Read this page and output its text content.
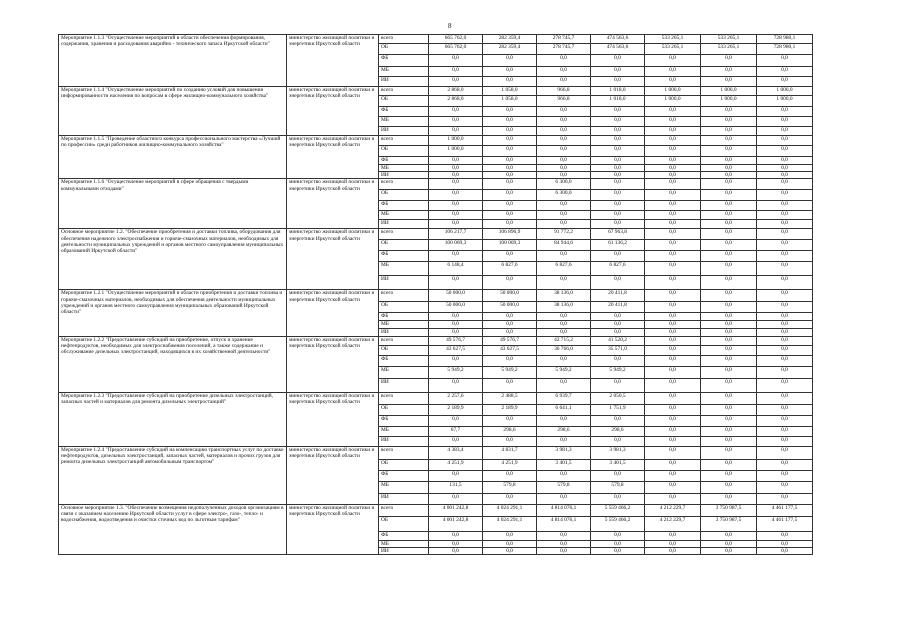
8
Мероприятие 1.1.3 "Осуществление мероприятий в области обеспечения формирования, содержания, хранения и расходования аварийно - технического запаса Иркутской области"	министерство жилищной политики и энергетики Иркутской области	всего	665 762,0	282 359,4	278 745,7	474 563,6	533 265,1	533 265,1	728 980,1
		ОБ	665 762,0	282 359,4	278 745,7	474 563,6	533 265,1	533 265,1	728 980,1
		ФБ	0,0	0,0	0,0	0,0	0,0	0,0	0,0
		МБ	0,0	0,0	0,0	0,0	0,0	0,0	0,0
		ИИ	0,0	0,0	0,0	0,0	0,0	0,0	0,0
Мероприятие 1.1.4 "Осуществление мероприятий по созданию условий для повышения информированности населения по вопросам в сфере жилищно-коммунального хозяйства"	министерство жилищной политики и энергетики Иркутской области	всего	2 868,0	1 058,0	966,8	1 018,0	1 000,0	1 000,0	1 000,0
		ОБ	2 868,0	1 058,0	966,8	1 018,0	1 000,0	1 000,0	1 000,0
		ФБ	0,0	0,0	0,0	0,0	0,0	0,0	0,0
		МБ	0,0	0,0	0,0	0,0	0,0	0,0	0,0
		ИИ	0,0	0,0	0,0	0,0	0,0	0,0	0,0
Мероприятие 1.1.5 "Проведение областного конкурса профессионального мастерства «Лучший по профессии» среди работников жилищно-коммунального хозяйства"	министерство жилищной политики и энергетики Иркутской области	всего	1 000,0	0,0	0,0	0,0	0,0	0,0	0,0
		ОБ	1 000,0	0,0	0,0	0,0	0,0	0,0	0,0
		ФБ	0,0	0,0	0,0	0,0	0,0	0,0	0,0
		МБ	0,0	0,0	0,0	0,0	0,0	0,0	0,0
		ИИ	0,0	0,0	0,0	0,0	0,0	0,0	0,0
Мероприятие 1.1.6 "Осуществление мероприятий в сфере обращения с твердыми коммунальными отходами"	министерство жилищной политики и энергетики Иркутской области	всего	0,0	0,0	6 300,0	0,0	0,0	0,0	0,0
		ОБ	0,0	0,0	6 300,0	0,0	0,0	0,0	0,0
		ФБ	0,0	0,0	0,0	0,0	0,0	0,0	0,0
		МБ	0,0	0,0	0,0	0,0	0,0	0,0	0,0
		ИИ	0,0	0,0	0,0	0,0	0,0	0,0	0,0
Основное мероприятие 1.2. "Обеспечение приобретения и доставки топлива, оборудования для обеспечения надежного электроснабжения и горюче-смазочных материалов, необходимых для деятельности муниципальных учреждений и органов местного самоуправления муниципальных образований Иркутской области"	министерство жилищной политики и энергетики Иркутской области	всего	106 217,7	106 896,9	91 772,2	67 963,8	0,0	0,0	0,0
		ОБ	100 069,3	100 069,3	84 944,6	61 136,2	0,0	0,0	0,0
		ФБ	0,0	0,0	0,0	0,0	0,0	0,0	0,0
		МБ	6 148,4	6 827,6	6 827,6	6 827,6	0,0	0,0	0,0
		ИИ	0,0	0,0	0,0	0,0	0,0	0,0	0,0
Мероприятие 1.2.1 "Осуществление мероприятий в области приобретения и доставки топлива и горюче-смазочных материалов, необходимых для обеспечения деятельности муниципальных учреждений и органов местного самоуправления муниципальных образований Иркутской области"	министерство жилищной политики и энергетики Иркутской области	всего	50 000,0	50 000,0	38 136,0	20 411,8	0,0	0,0	0,0
		ОБ	50 000,0	50 000,0	38 136,0	20 411,8	0,0	0,0	0,0
		ФБ	0,0	0,0	0,0	0,0	0,0	0,0	0,0
		МБ	0,0	0,0	0,0	0,0	0,0	0,0	0,0
		ИИ	0,0	0,0	0,0	0,0	0,0	0,0	0,0
Мероприятие 1.2.2 "Предоставление субсидий на приобретение, отпуск и хранение нефтепродуктов, необходимых для электроснабжения поселений, а также содержание и обслуживание дизельных электростанций, находящихся в их хозяйственной деятельности"	министерство жилищной политики и энергетики Иркутской области	всего	49 576,7	49 576,7	42 715,2	41 520,2	0,0	0,0	0,0
		ОБ	43 627,5	43 627,5	36 766,0	35 571,0	0,0	0,0	0,0
		ФБ	0,0	0,0	0,0	0,0	0,0	0,0	0,0
		МБ	5 949,2	5 949,2	5 949,2	5 949,2	0,0	0,0	0,0
		ИИ	0,0	0,0	0,0	0,0	0,0	0,0	0,0
Мероприятие 1.2.3 "Предоставление субсидий на приобретение дизельных электростанций, запасных частей и материалов для ремонта дизельных электростанций"	министерство жилищной политики и энергетики Иркутской области	всего	2 257,6	2 488,5	6 939,7	2 050,5	0,0	0,0	0,0
		ОБ	2 189,9	2 189,9	6 641,1	1 751,9	0,0	0,0	0,0
		ФБ	0,0	0,0	0,0	0,0	0,0	0,0	0,0
		МБ	67,7	298,6	298,6	298,6	0,0	0,0	0,0
		ИИ	0,0	0,0	0,0	0,0	0,0	0,0	0,0
Мероприятие 1.2.4 "Предоставление субсидий на компенсацию транспортных услуг по доставке нефтепродуктов, дизельных электростанций, запасных частей, материалов и прочих грузов для ремонта дизельных электростанций автомобильным транспортом"	министерство жилищной политики и энергетики Иркутской области	всего	4 383,4	4 831,7	3 981,3	3 981,3	0,0	0,0	0,0
		ОБ	4 251,9	4 251,9	3 401,5	3 401,5	0,0	0,0	0,0
		ФБ	0,0	0,0	0,0	0,0	0,0	0,0	0,0
		МБ	131,5	579,8	579,8	579,8	0,0	0,0	0,0
		ИИ	0,0	0,0	0,0	0,0	0,0	0,0	0,0
Основное мероприятие 1.3. "Обеспечение возмещения недополученных доходов организациям в связи с оказанием населению Иркутской области услуг в сфере электро-, газо-, тепло- и водоснабжения, водоотведения и очистки сточных вод по льготным тарифам"	министерство жилищной политики и энергетики Иркутской области	всего	4 001 242,8	4 024 291,1	4 814 076,1	5 559 466,2	4 212 229,7	3 750 987,5	4 461 177,5
		ОБ	4 001 242,8	4 024 291,1	4 814 076,1	5 559 466,2	4 212 229,7	3 750 987,5	4 461 177,5
		ФБ	0,0	0,0	0,0	0,0	0,0	0,0	0,0
		МБ	0,0	0,0	0,0	0,0	0,0	0,0	0,0
		ИИ	0,0	0,0	0,0	0,0	0,0	0,0	0,0
